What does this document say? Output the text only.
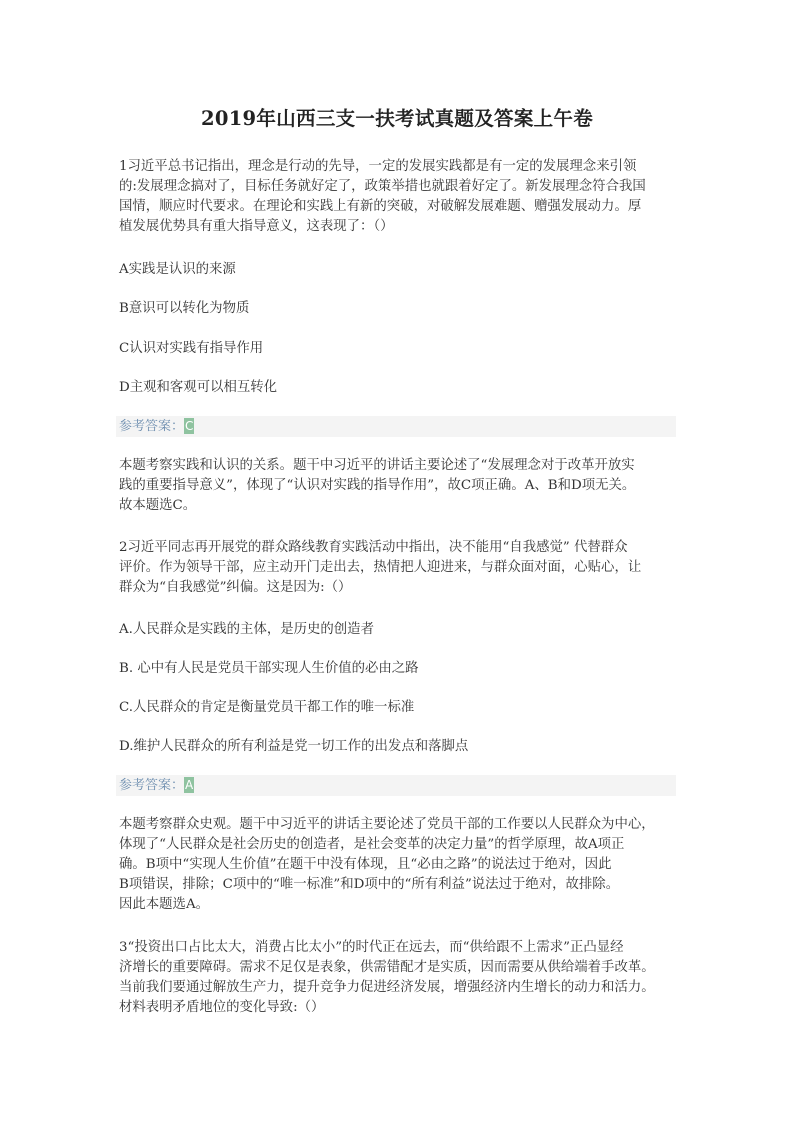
2019年山西三支一扶考试真题及答案上午卷
1习近平总书记指出，理念是行动的先导，一定的发展实践都是有一定的发展理念来引领
的:发展理念搞对了，目标任务就好定了，政策举措也就跟着好定了。新发展理念符合我国
国情，顺应时代要求。在理论和实践上有新的突破，对破解发展难题、赠强发展动力。厚
植发展优势具有重大指导意义，这表现了：（）
A实践是认识的来源
B意识可以转化为物质
C认识对实践有指导作用
D主观和客观可以相互转化
参考答案：C
本题考察实践和认识的关系。题干中习近平的讲话主要论述了“发展理念对于改革开放实
践的重要指导意义”，体现了“认识对实践的指导作用”，故C项正确。A、B和D项无关。
故本题选C。
2习近平同志再开展党的群众路线教育实践活动中指出，决不能用“自我感觉” 代替群众
评价。作为领导干部，应主动开门走出去，热情把人迎进来，与群众面对面，心贴心，让
群众为“自我感觉”纠偏。这是因为:（）
A.人民群众是实践的主体，是历史的创造者
B. 心中有人民是党员干部实现人生价值的必由之路
C.人民群众的肯定是衡量党员干都工作的唯一标准
D.维护人民群众的所有利益是党一切工作的出发点和落脚点
参考答案：A
本题考察群众史观。题干中习近平的讲话主要论述了党员干部的工作要以人民群众为中心，
体现了“人民群众是社会历史的创造者，是社会变革的决定力量”的哲学原理，故A项正
确。B项中“实现人生价值”在题干中没有体现，且“必由之路”的说法过于绝对，因此
B项错误，排除；C项中的“唯一标准”和D项中的“所有利益”说法过于绝对，故排除。
因此本题选A。
3“投资出口占比太大，消费占比太小”的时代正在远去，而“供给跟不上需求”正凸显经
济增长的重要障碍。需求不足仅是表象，供需错配才是实质，因而需要从供给端着手改革。
当前我们要通过解放生产力，提升竞争力促进经济发展，增强经济内生增长的动力和活力。
材料表明矛盾地位的变化导致:（）
